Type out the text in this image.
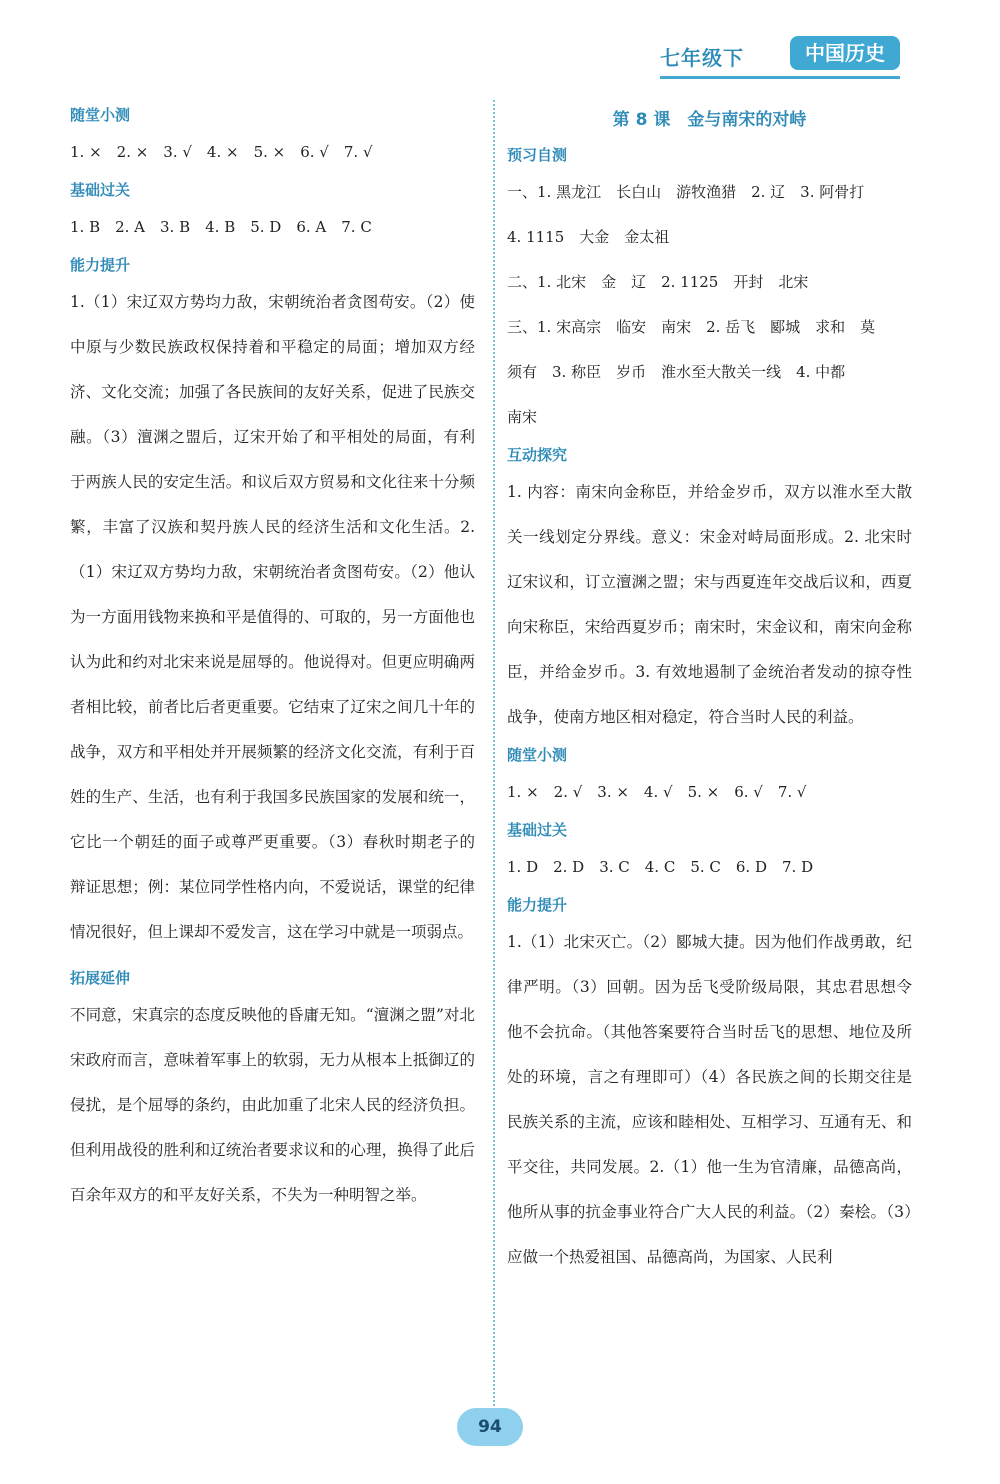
七年级下	中国历史

随堂小测

1. ×　2. ×　3. √　4. ×　5. ×　6. √　7. √

基础过关

1. B　2. A　3. B　4. B　5. D　6. A　7. C

能力提升

1.（1）宋辽双方势均力敌，宋朝统治者贪图苟安。（2）使中原与少数民族政权保持着和平稳定的局面；增加双方经济、文化交流；加强了各民族间的友好关系，促进了民族交融。（3）澶渊之盟后，辽宋开始了和平相处的局面，有利于两族人民的安定生活。和议后双方贸易和文化往来十分频繁，丰富了汉族和契丹族人民的经济生活和文化生活。2.（1）宋辽双方势均力敌，宋朝统治者贪图苟安。（2）他认为一方面用钱物来换和平是值得的、可取的，另一方面他也认为此和约对北宋来说是屈辱的。他说得对。但更应明确两者相比较，前者比后者更重要。它结束了辽宋之间几十年的战争，双方和平相处并开展频繁的经济文化交流，有利于百姓的生产、生活，也有利于我国多民族国家的发展和统一，它比一个朝廷的面子或尊严更重要。（3）春秋时期老子的辩证思想；例：某位同学性格内向，不爱说话，课堂的纪律情况很好，但上课却不爱发言，这在学习中就是一项弱点。

拓展延伸

不同意，宋真宗的态度反映他的昏庸无知。“澶渊之盟”对北宋政府而言，意味着军事上的软弱，无力从根本上抵御辽的侵扰，是个屈辱的条约，由此加重了北宋人民的经济负担。但利用战役的胜利和辽统治者要求议和的心理，换得了此后百余年双方的和平友好关系，不失为一种明智之举。

第 8 课　金与南宋的对峙

预习自测

一、1. 黑龙江　长白山　游牧渔猎　2. 辽　3. 阿骨打

4. 1115　大金　金太祖

二、1. 北宋　金　辽　2. 1125　开封　北宋

三、1. 宋高宗　临安　南宋　2. 岳飞　郾城　求和　莫

须有　3. 称臣　岁币　淮水至大散关一线　4. 中都

南宋

互动探究

1. 内容：南宋向金称臣，并给金岁币，双方以淮水至大散关一线划定分界线。意义：宋金对峙局面形成。2. 北宋时辽宋议和，订立澶渊之盟；宋与西夏连年交战后议和，西夏向宋称臣，宋给西夏岁币；南宋时，宋金议和，南宋向金称臣，并给金岁币。3. 有效地遏制了金统治者发动的掠夺性战争，使南方地区相对稳定，符合当时人民的利益。

随堂小测

1. ×　2. √　3. ×　4. √　5. ×　6. √　7. √

基础过关

1. D　2. D　3. C　4. C　5. C　6. D　7. D

能力提升

1.（1）北宋灭亡。（2）郾城大捷。因为他们作战勇敢，纪律严明。（3）回朝。因为岳飞受阶级局限，其忠君思想令他不会抗命。（其他答案要符合当时岳飞的思想、地位及所处的环境，言之有理即可）（4）各民族之间的长期交往是民族关系的主流，应该和睦相处、互相学习、互通有无、和平交往，共同发展。2.（1）他一生为官清廉，品德高尚，他所从事的抗金事业符合广大人民的利益。（2）秦桧。（3）应做一个热爱祖国、品德高尚，为国家、人民利

94
